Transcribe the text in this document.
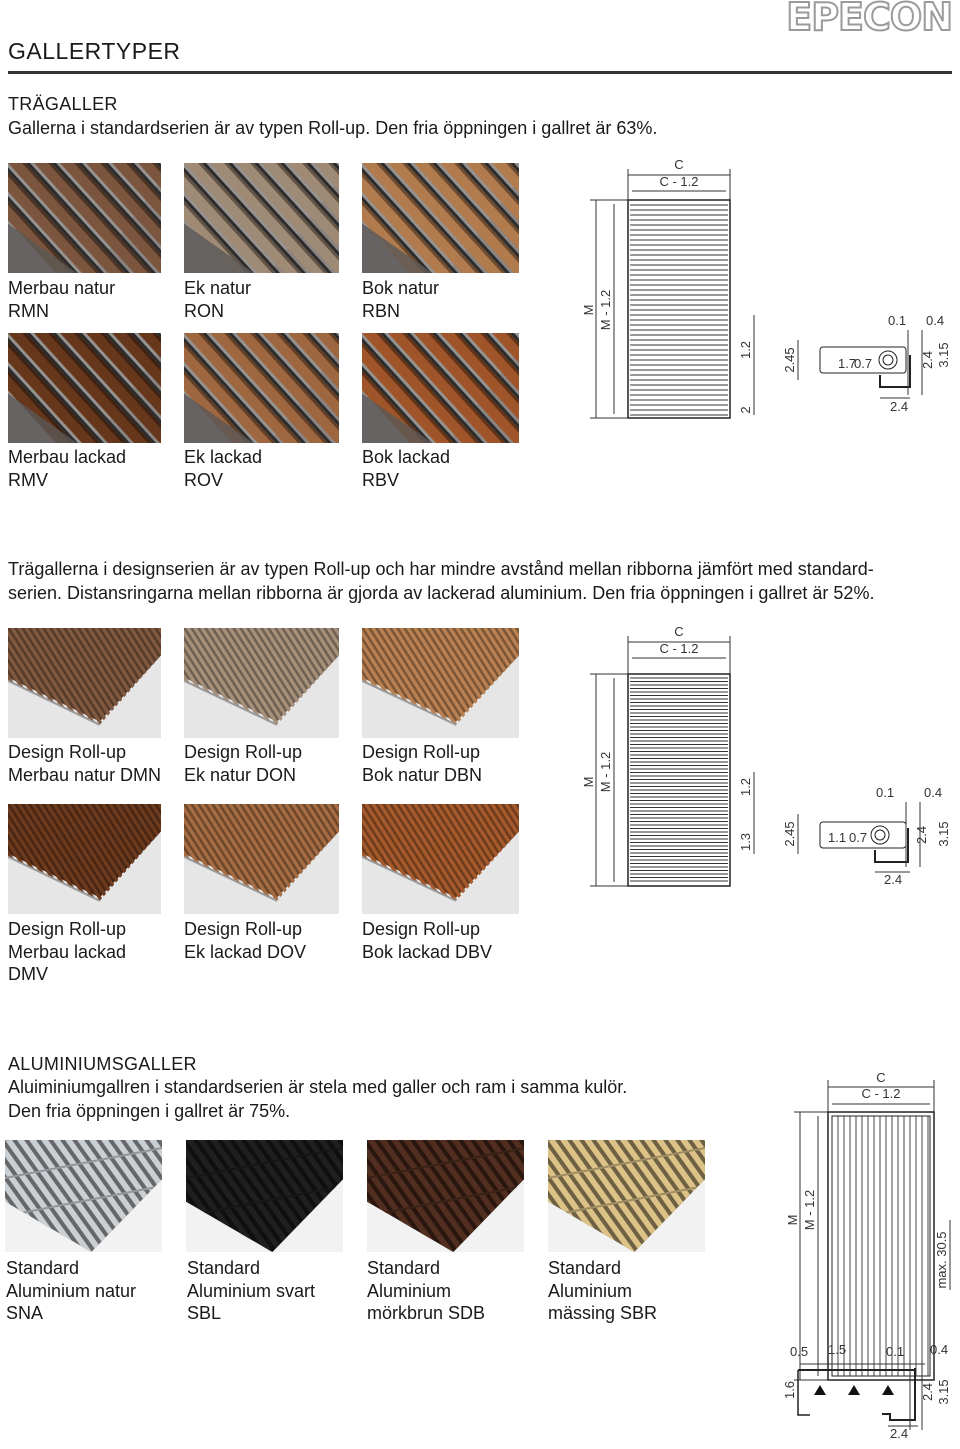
EPECON
GALLERTYPER
TRÄGALLER
Gallerna i standardserien är av typen Roll-up. Den fria öppningen i gallret är 63%.
Merbau natur
RMN
Ek natur
RON
Bok natur
RBN
Merbau lackad
RMV
Ek lackad
ROV
Bok lackad
RBV
C
C - 1.2
M M - 1.2
1.2
2
2.45	1.7
0.7
0.1 0.4
2.4 3.15
2.4
Trägallerna i designserien är av typen Roll-up och har mindre avstånd mellan ribborna jämfört med standard-
serien. Distansringarna mellan ribborna är gjorda av lackerad aluminium. Den fria öppningen i gallret är 52%.
Design Roll-up
Merbau natur DMN
Design Roll-up
Ek natur DON
Design Roll-up
Bok natur DBN
Design Roll-up
Merbau lackad
DMV
Design Roll-up
Ek lackad DOV
Design Roll-up
Bok lackad DBV
C
C - 1.2
M M - 1.2	1.2
1.3 2.45 1.1 0.7
0.1 0.4
2.4 3.15
2.4
ALUMINIUMSGALLER
Aluiminiumgallren i standardserien är stela med galler och ram i samma kulör.
Den fria öppningen i gallret är 75%.
Standard
Aluminium natur
SNA
Standard
Aluminium svart
SBL
Standard
Aluminium
mörkbrun SDB
Standard
Aluminium
mässing SBR
C
C - 1.2
M M - 1.2
max. 30.5
0.5 1.5	0.1 0.4
1.6	2.4 3.15
2.4
